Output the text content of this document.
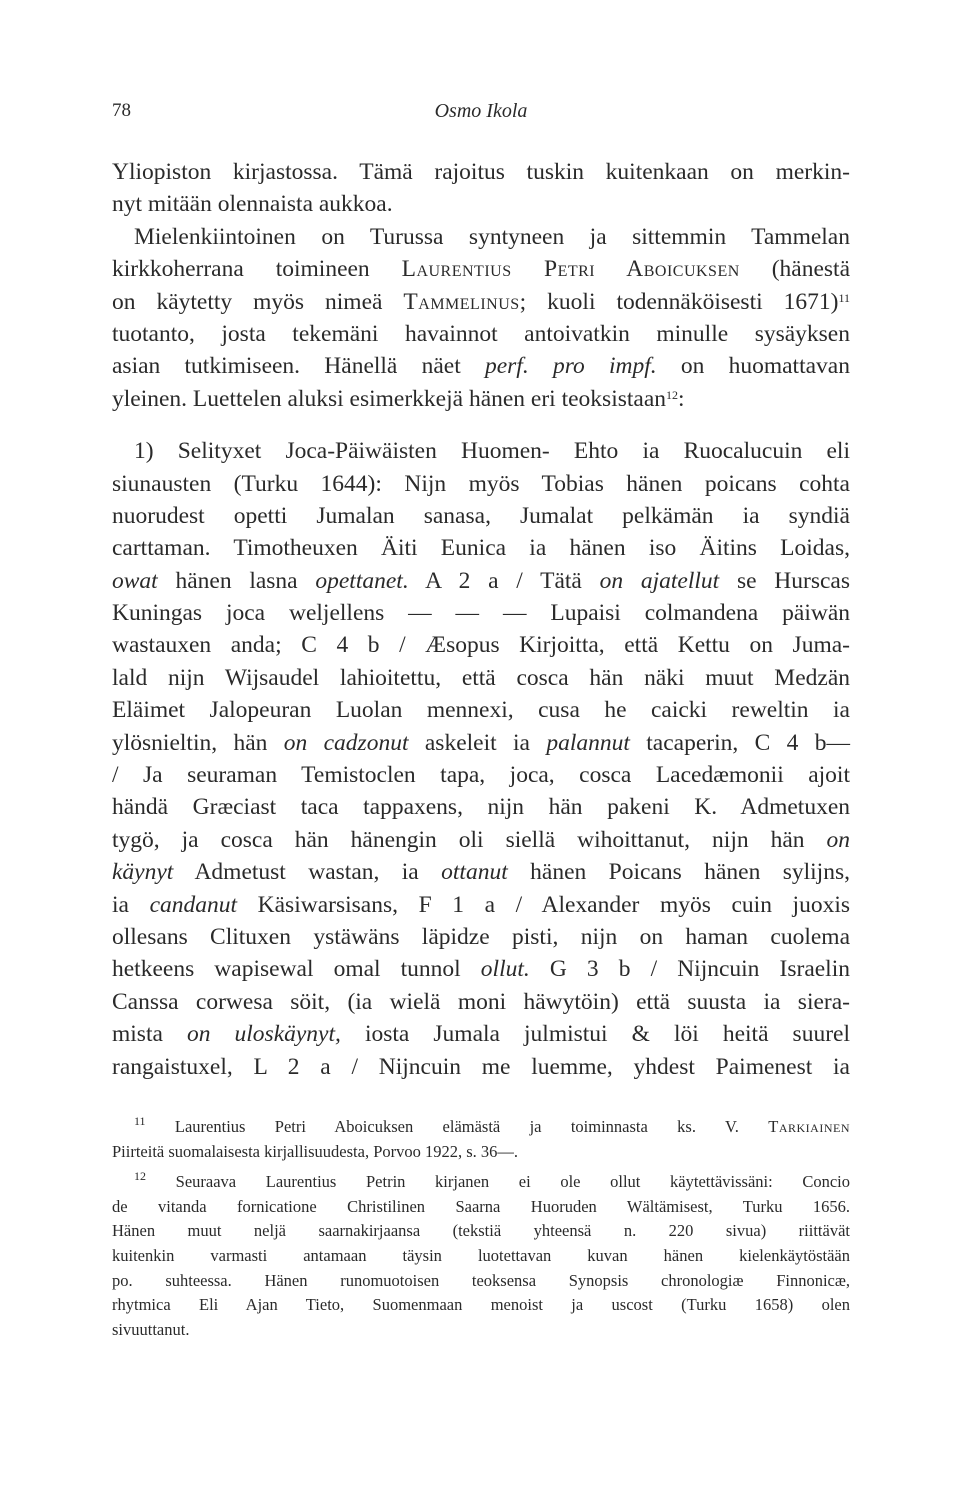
78	Osmo Ikola
Yliopiston kirjastossa. Tämä rajoitus tuskin kuitenkaan on merkin-
nyt mitään olennaista aukkoa.
Mielenkiintoinen on Turussa syntyneen ja sittemmin Tammelan
kirkkoherrana toimineen Laurentius Petri Aboicuksen (hänestä
on käytetty myös nimeä Tammelinus; kuoli todennäköisesti 1671)$^{11}$
tuotanto, josta tekemäni havainnot antoivatkin minulle sysäyksen
asian tutkimiseen. Hänellä näet perf. pro impf. on huomattavan
yleinen. Luettelen aluksi esimerkkejä hänen eri teoksistaan$^{12}$:
1) Selityxet Joca-Päiwäisten Huomen- Ehto ia Ruocalucuin eli
siunausten (Turku 1644): Nijn myös Tobias hänen poicans cohta
nuorudest opetti Jumalan sanasa, Jumalat pelkämän ia syndiä
carttaman. Timotheuxen Äiti Eunica ia hänen iso Äitins Loidas,
owat hänen lasna opettanet. A 2 a / Tätä on ajatellut se Hurscas
Kuningas joca weljellens — — — Lupaisi colmandena päiwän
wastauxen anda; C 4 b / Æsopus Kirjoitta, että Kettu on Juma-
lald nijn Wijsaudel lahioitettu, että cosca hän näki muut Medzän
Eläimet Jalopeuran Luolan mennexi, cusa he caicki reweltin ia
ylösnieltin, hän on cadzonut askeleit ia palannut tacaperin, C 4 b—
/ Ja seuraman Temistoclen tapa, joca, cosca Lacedæmonii ajoit
händä Græciast taca tappaxens, nijn hän pakeni K. Admetuxen
tygö, ja cosca hän hänengin oli siellä wihoittanut, nijn hän on
käynyt Admetust wastan, ia ottanut hänen Poicans hänen sylijns,
ia candanut Käsiwarsisans, F 1 a / Alexander myös cuin juoxis
ollesans Clituxen ystäwäns läpidze pisti, nijn on haman cuolema
hetkeens wapisewal omal tunnol ollut. G 3 b / Nijncuin Israelin
Canssa corwesa söit, (ia wielä moni häwytöin) että suusta ia siera-
mista on uloskäynyt, iosta Jumala julmistui & löi heitä suurel
rangaistuxel, L 2 a / Nijncuin me luemme, yhdest Paimenest ia
$^{11}$ Laurentius Petri Aboicuksen elämästä ja toiminnasta ks. V. Tarkiainen
Piirteitä suomalaisesta kirjallisuudesta, Porvoo 1922, s. 36—.
$^{12}$ Seuraava Laurentius Petrin kirjanen ei ole ollut käytettävissäni: Concio
de vitanda fornicatione Christilinen Saarna Huoruden Wältämisest, Turku 1656.
Hänen muut neljä saarnakirjaansa (tekstiä yhteensä n. 220 sivua) riittävät
kuitenkin varmasti antamaan täysin luotettavan kuvan hänen kielenkäytöstään
po. suhteessa. Hänen runomuotoisen teoksensa Synopsis chronologiæ Finnonicæ,
rhytmica Eli Ajan Tieto, Suomenmaan menoist ja uscost (Turku 1658) olen
sivuuttanut.
